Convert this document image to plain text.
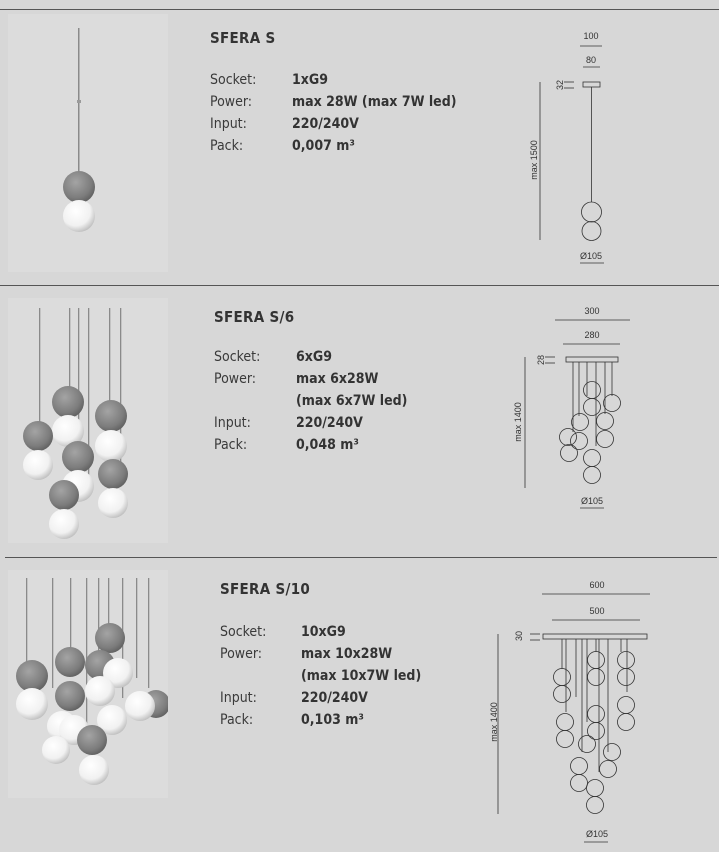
SFERA S
Socket:	1xG9
Power:	max 28W (max 7W led)
Input:	220/240V
Pack:	0,007 m³
100
80
32
max 1500
Ø105
SFERA S/6
Socket:	6xG9
Power:	max 6x28W
(max 6x7W led)
Input:	220/240V
Pack:	0,048 m³
300
280
28
max 1400
Ø105
SFERA S/10
Socket: 10xG9
Power:	max 10x28W
(max 10x7W led)
Input:	220/240V
Pack:	0,103 m³
600
500
30
max 1400
Ø105
